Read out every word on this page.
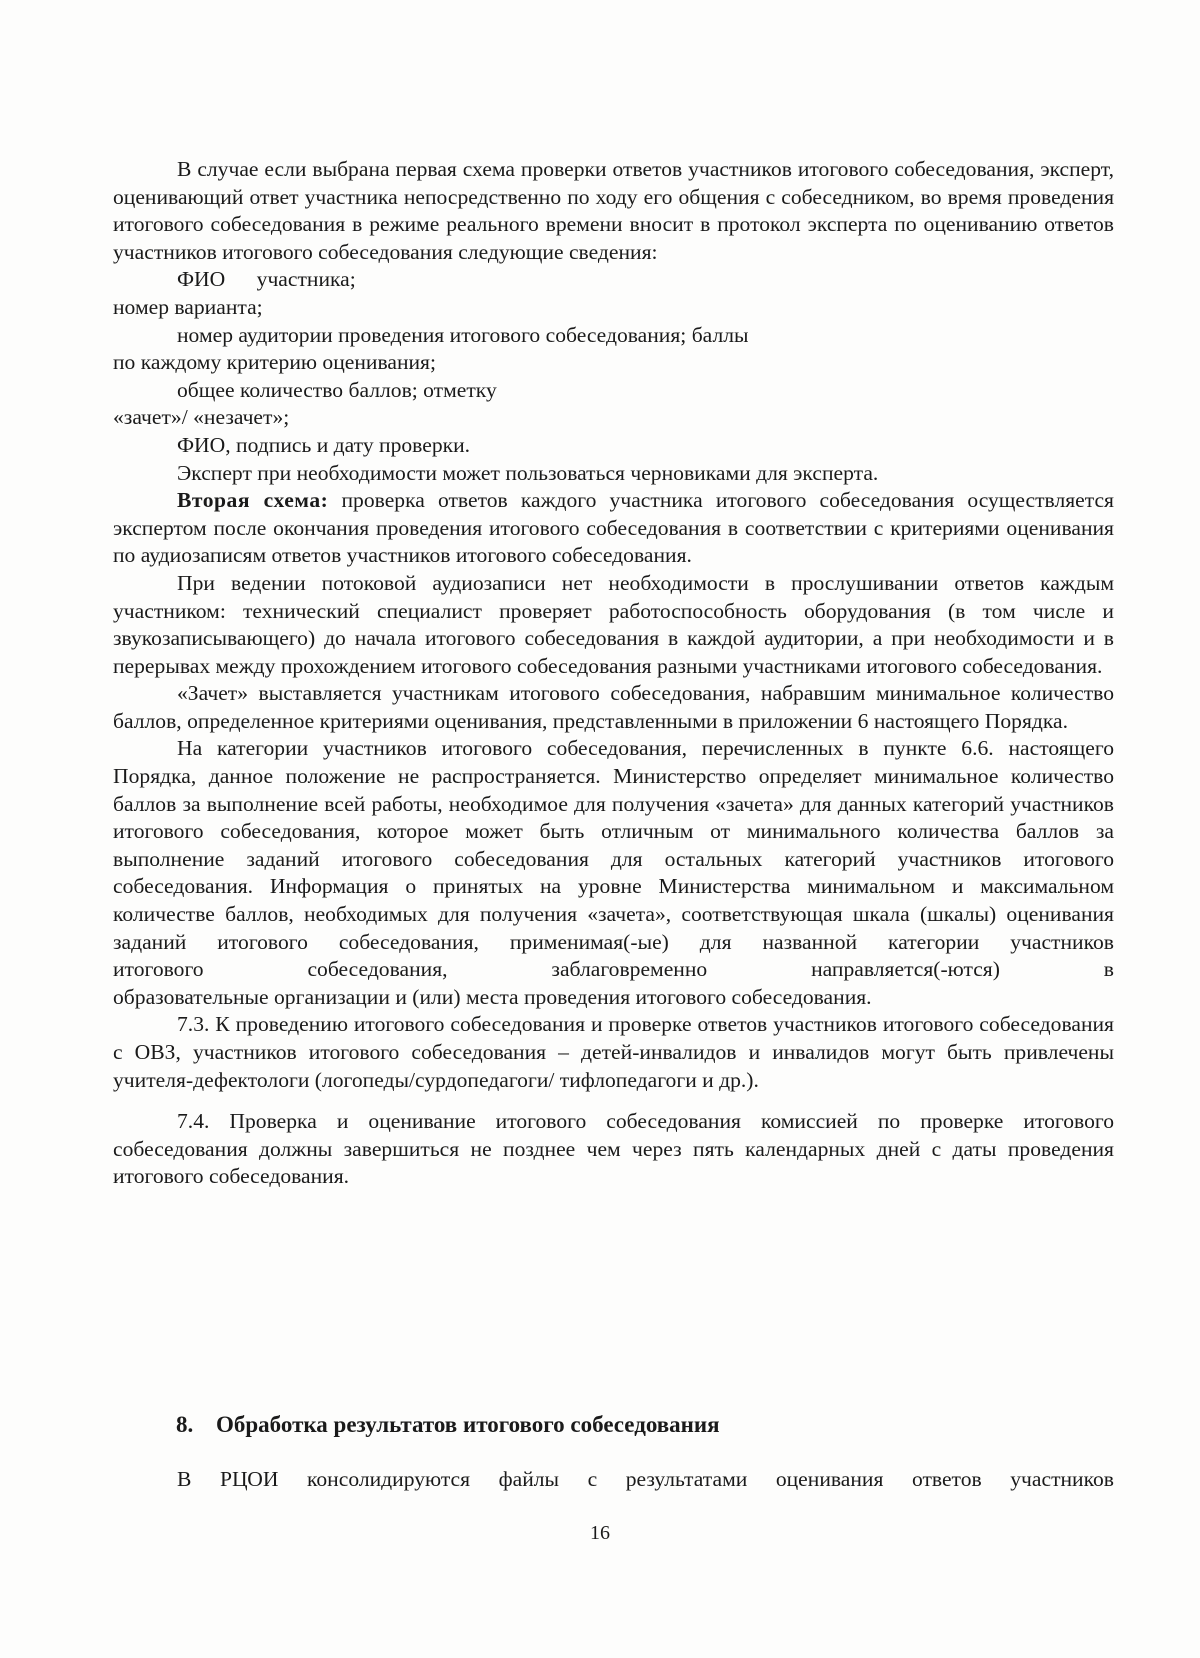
В случае если выбрана первая схема проверки ответов участников итогового собеседования, эксперт, оценивающий ответ участника непосредственно по ходу его общения с собеседником, во время проведения итогового собеседования в режиме реального времени вносит в протокол эксперта по оцениванию ответов участников итогового собеседования следующие сведения:

ФИО участника;

номер варианта;

номер аудитории проведения итогового собеседования; баллы

по каждому критерию оценивания;

общее количество баллов; отметку

«зачет»/ «незачет»;

ФИО, подпись и дату проверки.

Эксперт при необходимости может пользоваться черновиками для эксперта.

Вторая схема: проверка ответов каждого участника итогового собеседования осуществляется экспертом после окончания проведения итогового собеседования в соответствии с критериями оценивания по аудиозаписям ответов участников итогового собеседования.

При ведении потоковой аудиозаписи нет необходимости в прослушивании ответов каждым участником: технический специалист проверяет работоспособность оборудования (в том числе и звукозаписывающего) до начала итогового собеседования в каждой аудитории, а при необходимости и в перерывах между прохождением итогового собеседования разными участниками итогового собеседования.

«Зачет» выставляется участникам итогового собеседования, набравшим минимальное количество баллов, определенное критериями оценивания, представленными в приложении 6 настоящего Порядка.

На категории участников итогового собеседования, перечисленных в пункте 6.6. настоящего Порядка, данное положение не распространяется. Министерство определяет минимальное количество баллов за выполнение всей работы, необходимое для получения «зачета» для данных категорий участников итогового собеседования, которое может быть отличным от минимального количества баллов за выполнение заданий итогового собеседования для остальных категорий участников итогового собеседования. Информация о принятых на уровне Министерства минимальном и максимальном количестве баллов, необходимых для получения «зачета», соответствующая шкала (шкалы) оценивания заданий итогового собеседования, применимая(-ые) для названной категории участников

итогового собеседования, заблаговременно направляется(-ются) в

образовательные организации и (или) места проведения итогового собеседования.

7.3. К проведению итогового собеседования и проверке ответов участников итогового собеседования с ОВЗ, участников итогового собеседования – детей-инвалидов и инвалидов могут быть привлечены учителя-дефектологи (логопеды/сурдопедагоги/ тифлопедагоги и др.).

7.4. Проверка и оценивание итогового собеседования комиссией по проверке итогового собеседования должны завершиться не позднее чем через пять календарных дней с даты проведения итогового собеседования.

8. Обработка результатов итогового собеседования

В РЦОИ консолидируются файлы с результатами оценивания ответов участников

16
